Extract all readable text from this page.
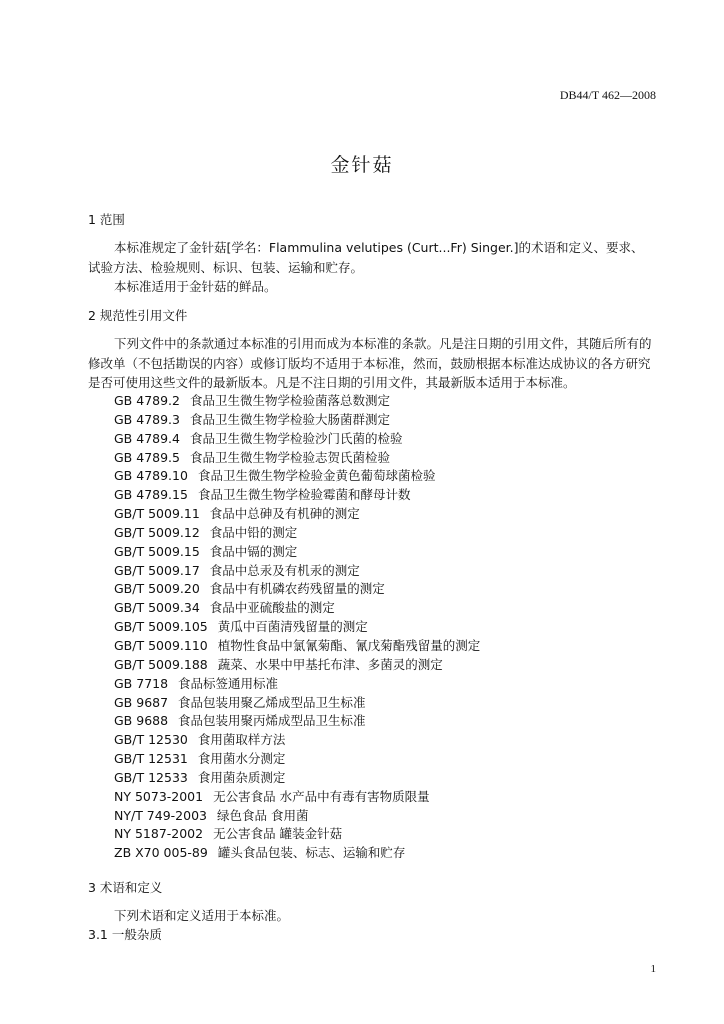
DB44/T 462—2008
金针菇
1 范围
本标准规定了金针菇[学名：Flammulina velutipes (Curt...Fr) Singer.]的术语和定义、要求、
试验方法、检验规则、标识、包装、运输和贮存。
本标准适用于金针菇的鲜品。
2 规范性引用文件
下列文件中的条款通过本标准的引用而成为本标准的条款。凡是注日期的引用文件，其随后所有的
修改单（不包括勘误的内容）或修订版均不适用于本标准，然而，鼓励根据本标准达成协议的各方研究
是否可使用这些文件的最新版本。凡是不注日期的引用文件，其最新版本适用于本标准。
GB 4789.2 食品卫生微生物学检验菌落总数测定
GB 4789.3 食品卫生微生物学检验大肠菌群测定
GB 4789.4 食品卫生微生物学检验沙门氏菌的检验
GB 4789.5 食品卫生微生物学检验志贺氏菌检验
GB 4789.10 食品卫生微生物学检验金黄色葡萄球菌检验
GB 4789.15 食品卫生微生物学检验霉菌和酵母计数
GB/T 5009.11 食品中总砷及有机砷的测定
GB/T 5009.12 食品中铅的测定
GB/T 5009.15 食品中镉的测定
GB/T 5009.17 食品中总汞及有机汞的测定
GB/T 5009.20 食品中有机磷农药残留量的测定
GB/T 5009.34 食品中亚硫酸盐的测定
GB/T 5009.105 黄瓜中百菌清残留量的测定
GB/T 5009.110 植物性食品中氯氰菊酯、氰戊菊酯残留量的测定
GB/T 5009.188 蔬菜、水果中甲基托布津、多菌灵的测定
GB 7718 食品标签通用标准
GB 9687 食品包装用聚乙烯成型品卫生标准
GB 9688 食品包装用聚丙烯成型品卫生标准
GB/T 12530 食用菌取样方法
GB/T 12531 食用菌水分测定
GB/T 12533 食用菌杂质测定
NY 5073-2001 无公害食品 水产品中有毒有害物质限量
NY/T 749-2003 绿色食品 食用菌
NY 5187-2002 无公害食品 罐装金针菇
ZB X70 005-89 罐头食品包装、标志、运输和贮存
3 术语和定义
下列术语和定义适用于本标准。
3.1 一般杂质
1
